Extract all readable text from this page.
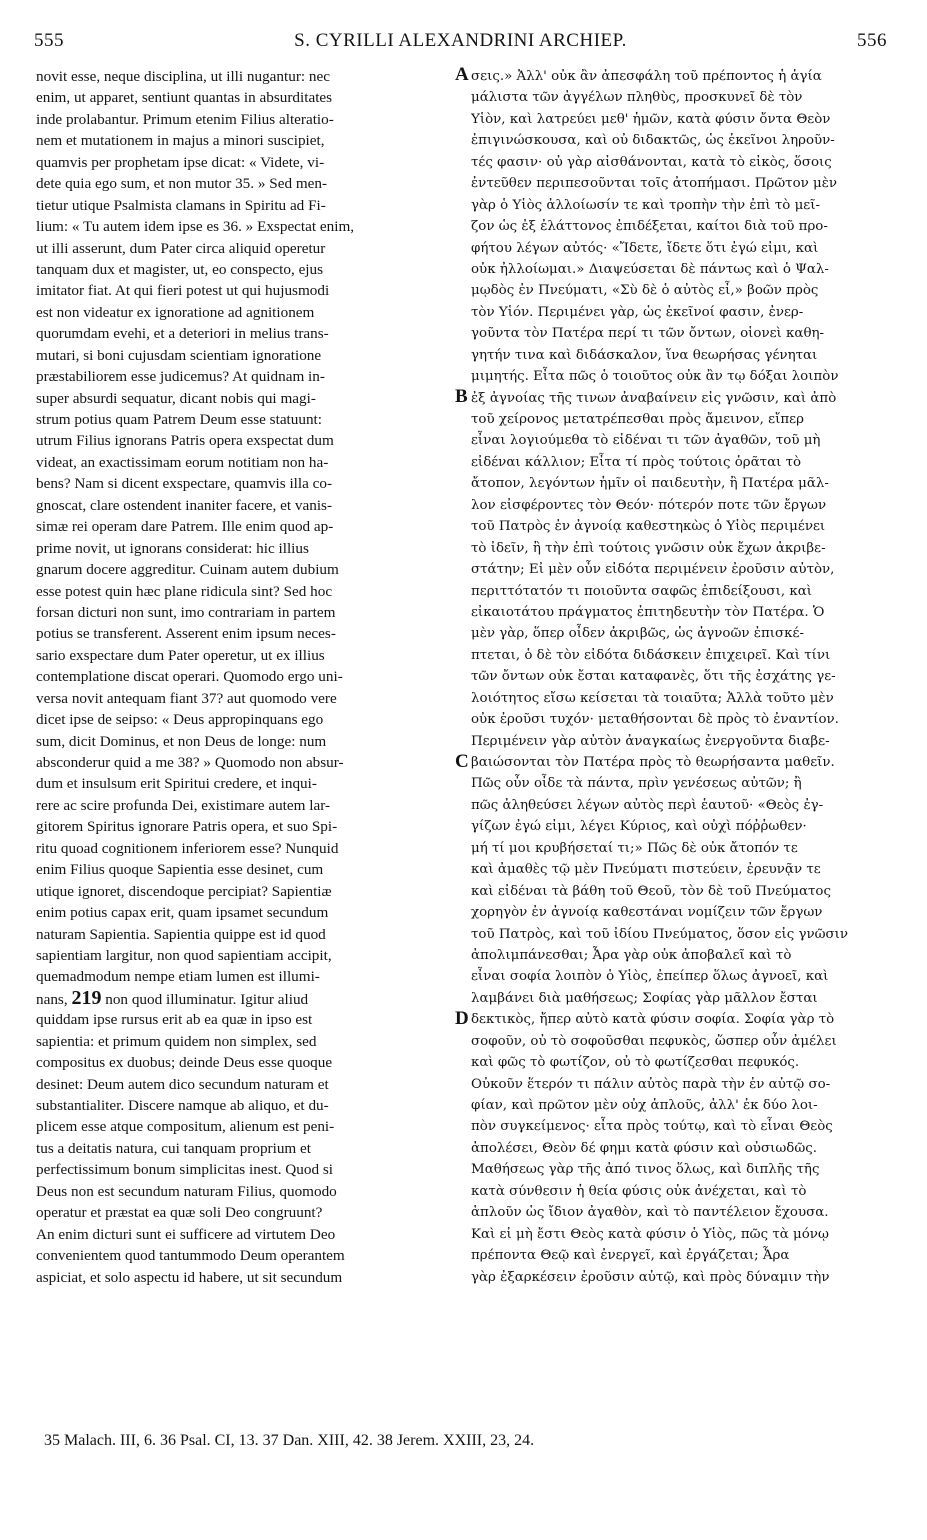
555	S. CYRILLI ALEXANDRINI ARCHIEP.	556
novit esse, neque disciplina, ut illi nugantur: nec
enim, ut apparet, sentiunt quantas in absurditates
inde prolabantur. Primum etenim Filius alteratio-
nem et mutationem in majus a minori suscipiet,
quamvis per prophetam ipse dicat: « Videte, vi-
dete quia ego sum, et non mutor 35. » Sed men-
tietur utique Psalmista clamans in Spiritu ad Fi-
lium: « Tu autem idem ipse es 36. » Exspectat enim,
ut illi asserunt, dum Pater circa aliquid operetur
tanquam dux et magister, ut, eo conspecto, ejus
imitator fiat. At qui fieri potest ut qui hujusmodi
est non videatur ex ignoratione ad agnitionem
quorumdam evehi, et a deteriori in melius trans-
mutari, si boni cujusdam scientiam ignoratione
præstabiliorem esse judicemus? At quidnam in-
super absurdi sequatur, dicant nobis qui magi-
strum potius quam Patrem Deum esse statuunt:
utrum Filius ignorans Patris opera exspectat dum
videat, an exactissimam eorum notitiam non ha-
bens? Nam si dicent exspectare, quamvis illa co-
gnoscat, clare ostendent inaniter facere, et vanis-
simæ rei operam dare Patrem. Ille enim quod ap-
prime novit, ut ignorans considerat: hic illius
gnarum docere aggreditur. Cuinam autem dubium
esse potest quin hæc plane ridicula sint? Sed hoc
forsan dicturi non sunt, imo contrariam in partem
potius se transferent. Asserent enim ipsum neces-
sario exspectare dum Pater operetur, ut ex illius
contemplatione discat operari. Quomodo ergo uni-
versa novit antequam fiant 37? aut quomodo vere
dicet ipse de seipso: « Deus appropinquans ego
sum, dicit Dominus, et non Deus de longe: num
absconderur quid a me 38? » Quomodo non absur-
dum et insulsum erit Spiritui credere, et inqui-
rere ac scire profunda Dei, existimare autem lar-
gitorem Spiritus ignorare Patris opera, et suo Spi-
ritu quoad cognitionem inferiorem esse? Nunquid
enim Filius quoque Sapientia esse desinet, cum
utique ignoret, discendoque percipiat? Sapientiæ
enim potius capax erit, quam ipsamet secundum
naturam Sapientia. Sapientia quippe est id quod
sapientiam largitur, non quod sapientiam accipit,
quemadmodum nempe etiam lumen est illumi-
nans, 219 non quod illuminatur. Igitur aliud
quiddam ipse rursus erit ab ea quæ in ipso est
sapientia: et primum quidem non simplex, sed
compositus ex duobus; deinde Deus esse quoque
desinet: Deum autem dico secundum naturam et
substantialiter. Discere namque ab aliquo, et du-
plicem esse atque compositum, alienum est peni-
tus a deitatis natura, cui tanquam proprium et
perfectissimum bonum simplicitas inest. Quod si
Deus non est secundum naturam Filius, quomodo
operatur et præstat ea quæ soli Deo congruunt?
An enim dicturi sunt ei sufficere ad virtutem Deo
convenientem quod tantummodo Deum operantem
aspiciat, et solo aspectu id habere, ut sit secundum
σεις.» Ἀλλ' οὐκ ἂν ἀπεσφάλη τοῦ πρέποντος ἡ ἁγία
μάλιστα τῶν ἀγγέλων πληθὺς, προσκυνεῖ δὲ τὸν
Υἱὸν, καὶ λατρεύει μεθ' ἡμῶν, κατὰ φύσιν ὄντα Θεὸν
ἐπιγινώσκουσα, καὶ οὐ διδακτῶς, ὡς ἐκεῖνοι ληροῦν-
τές φασιν· οὐ γὰρ αἰσθάνονται, κατὰ τὸ εἰκὸς, ὅσοις
ἐντεῦθεν περιπεσοῦνται τοῖς ἀτοπήμασι. Πρῶτον μὲν
γὰρ ὁ Υἱὸς ἀλλοίωσίν τε καὶ τροπὴν τὴν ἐπὶ τὸ μεῖ-
ζον ὡς ἐξ ἐλάττονος ἐπιδέξεται, καίτοι διὰ τοῦ προ-
φήτου λέγων αὐτός· «Ἴδετε, ἴδετε ὅτι ἐγώ εἰμι, καὶ
οὐκ ἠλλοίωμαι.» Διαψεύσεται δὲ πάντως καὶ ὁ Ψαλ-
μῳδὸς ἐν Πνεύματι, «Σὺ δὲ ὁ αὐτὸς εἶ,» βοῶν πρὸς
τὸν Υἱόν. Περιμένει γὰρ, ὡς ἐκεῖνοί φασιν, ἐνερ-
γοῦντα τὸν Πατέρα περί τι τῶν ὄντων, οἱονεὶ καθη-
γητήν τινα καὶ διδάσκαλον, ἵνα θεωρήσας γένηται
μιμητής. Εἶτα πῶς ὁ τοιοῦτος οὐκ ἂν τῳ δόξαι λοιπὸν
ἐξ ἀγνοίας τῆς τινων ἀναβαίνειν εἰς γνῶσιν, καὶ ἀπὸ
τοῦ χείρονος μετατρέπεσθαι πρὸς ἄμεινον, εἴπερ
εἶναι λογιούμεθα τὸ εἰδέναι τι τῶν ἀγαθῶν, τοῦ μὴ
εἰδέναι κάλλιον; Εἶτα τί πρὸς τούτοις ὁρᾶται τὸ
ἄτοπον, λεγόντων ἡμῖν οἱ παιδευτὴν, ἢ Πατέρα μᾶλ-
λον εἰσφέροντες τὸν Θεόν· πότερόν ποτε τῶν ἔργων
τοῦ Πατρὸς ἐν ἀγνοίᾳ καθεστηκὼς ὁ Υἱὸς περιμένει
τὸ ἰδεῖν, ἢ τὴν ἐπὶ τούτοις γνῶσιν οὐκ ἔχων ἀκριβε-
στάτην; Εἰ μὲν οὖν εἰδότα περιμένειν ἐροῦσιν αὐτὸν,
περιττότατόν τι ποιοῦντα σαφῶς ἐπιδείξουσι, καὶ
εἰκαιοτάτου πράγματος ἐπιτηδευτὴν τὸν Πατέρα. Ὁ
μὲν γὰρ, ὅπερ οἶδεν ἀκριβῶς, ὡς ἀγνοῶν ἐπισκέ-
πτεται, ὁ δὲ τὸν εἰδότα διδάσκειν ἐπιχειρεῖ. Καὶ τίνι
τῶν ὄντων οὐκ ἔσται καταφανὲς, ὅτι τῆς ἐσχάτης γε-
λοιότητος εἴσω κείσεται τὰ τοιαῦτα; Ἀλλὰ τοῦτο μὲν
οὐκ ἐροῦσι τυχόν· μεταθήσονται δὲ πρὸς τὸ ἐναντίον.
Περιμένειν γὰρ αὐτὸν ἀναγκαίως ἐνεργοῦντα διαβε-
βαιώσονται τὸν Πατέρα πρὸς τὸ θεωρήσαντα μαθεῖν.
Πῶς οὖν οἶδε τὰ πάντα, πρὶν γενέσεως αὐτῶν; ἢ
πῶς ἀληθεύσει λέγων αὐτὸς περὶ ἑαυτοῦ· «Θεὸς ἐγ-
γίζων ἐγώ εἰμι, λέγει Κύριος, καὶ οὐχὶ πόῤῥωθεν·
μή τί μοι κρυβήσεταί τι;» Πῶς δὲ οὐκ ἄτοπόν τε
καὶ ἀμαθὲς τῷ μὲν Πνεύματι πιστεύειν, ἐρευνᾷν τε
καὶ εἰδέναι τὰ βάθη τοῦ Θεοῦ, τὸν δὲ τοῦ Πνεύματος
χορηγὸν ἐν ἀγνοίᾳ καθεστάναι νομίζειν τῶν ἔργων
τοῦ Πατρὸς, καὶ τοῦ ἰδίου Πνεύματος, ὅσον εἰς γνῶσιν
ἀπολιμπάνεσθαι; Ἆρα γὰρ οὐκ ἀποβαλεῖ καὶ τὸ
εἶναι σοφία λοιπὸν ὁ Υἱὸς, ἐπείπερ ὅλως ἀγνοεῖ, καὶ
λαμβάνει διὰ μαθήσεως; Σοφίας γὰρ μᾶλλον ἔσται
δεκτικὸς, ἤπερ αὐτὸ κατὰ φύσιν σοφία. Σοφία γὰρ τὸ
σοφοῦν, οὐ τὸ σοφοῦσθαι πεφυκὸς, ὥσπερ οὖν ἀμέλει
καὶ φῶς τὸ φωτίζον, οὐ τὸ φωτίζεσθαι πεφυκός.
Οὐκοῦν ἕτερόν τι πάλιν αὐτὸς παρὰ τὴν ἐν αὐτῷ σο-
φίαν, καὶ πρῶτον μὲν οὐχ ἁπλοῦς, ἀλλ' ἐκ δύο λοι-
πὸν συγκείμενος· εἶτα πρὸς τούτῳ, καὶ τὸ εἶναι Θεὸς
ἀπολέσει, Θεὸν δέ φημι κατὰ φύσιν καὶ οὐσιωδῶς.
Μαθήσεως γὰρ τῆς ἀπό τινος ὅλως, καὶ διπλῆς τῆς
κατὰ σύνθεσιν ἡ θεία φύσις οὐκ ἀνέχεται, καὶ τὸ
ἁπλοῦν ὡς ἴδιον ἀγαθὸν, καὶ τὸ παντέλειον ἔχουσα.
Καὶ εἰ μὴ ἔστι Θεὸς κατὰ φύσιν ὁ Υἱὸς, πῶς τὰ μόνῳ
πρέποντα Θεῷ καὶ ἐνεργεῖ, καὶ ἐργάζεται; Ἆρα
γὰρ ἐξαρκέσειν ἐροῦσιν αὐτῷ, καὶ πρὸς δύναμιν τὴν
A
B
C
D
35 Malach. III, 6. 36 Psal. CI, 13. 37 Dan. XIII, 42. 38 Jerem. XXIII, 23, 24.
